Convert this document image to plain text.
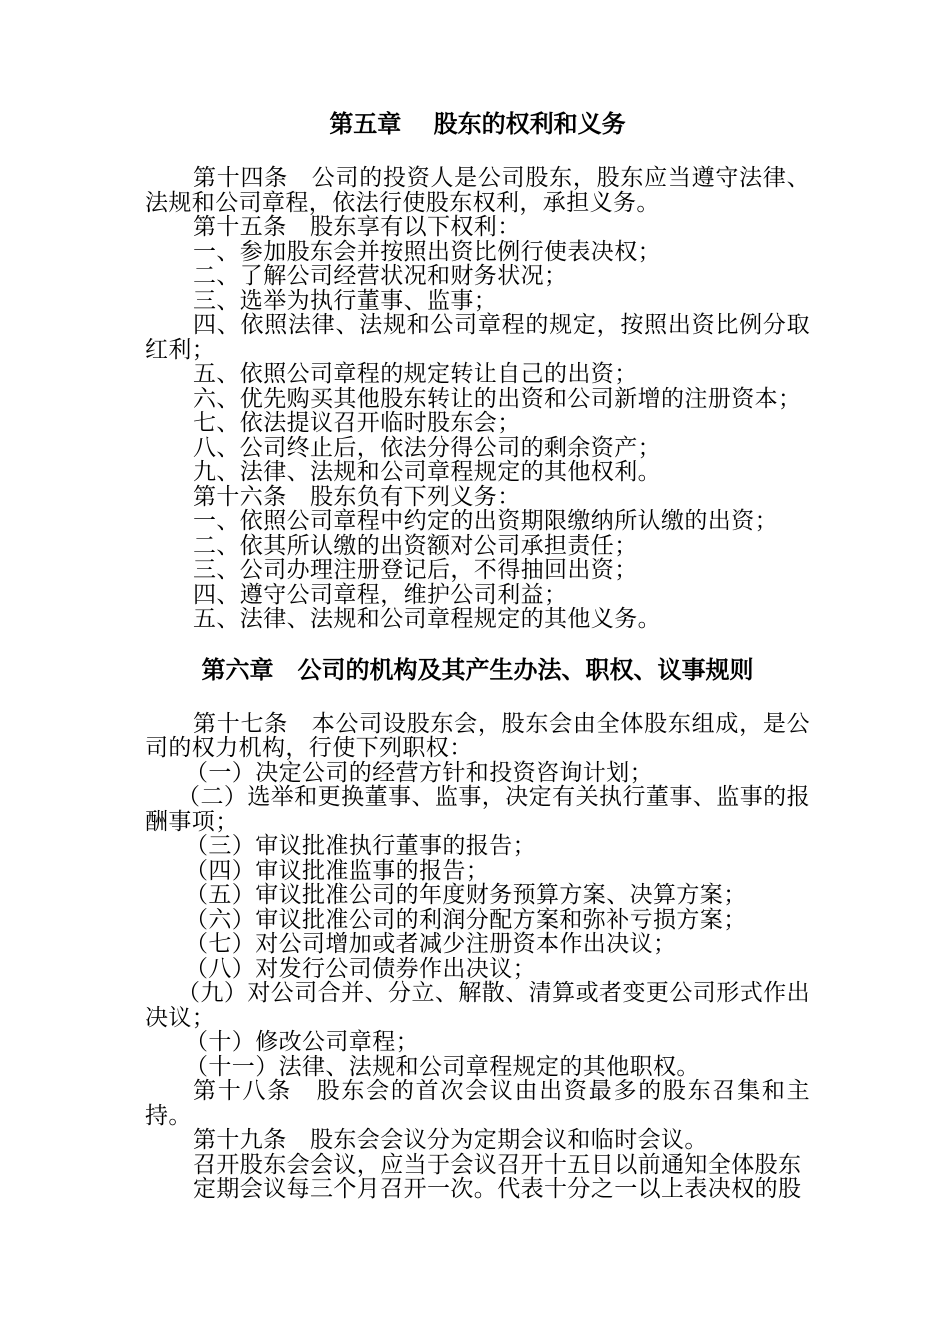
第五章　 股东的权利和义务

第十四条　公司的投资人是公司股东，股东应当遵守法律、法规和公司章程，依法行使股东权利，承担义务。

第十五条　股东享有以下权利：

一、参加股东会并按照出资比例行使表决权；

二、了解公司经营状况和财务状况；

三、选举为执行董事、监事；

四、依照法律、法规和公司章程的规定，按照出资比例分取红利；

五、依照公司章程的规定转让自己的出资；

六、优先购买其他股东转让的出资和公司新增的注册资本；

七、依法提议召开临时股东会；

八、公司终止后，依法分得公司的剩余资产；

九、法律、法规和公司章程规定的其他权利。

第十六条　股东负有下列义务：

一、依照公司章程中约定的出资期限缴纳所认缴的出资；

二、依其所认缴的出资额对公司承担责任；

三、公司办理注册登记后，不得抽回出资；

四、遵守公司章程，维护公司利益；

五、法律、法规和公司章程规定的其他义务。

第六章　公司的机构及其产生办法、职权、议事规则

第十七条　本公司设股东会，股东会由全体股东组成，是公司的权力机构，行使下列职权：

（一）决定公司的经营方针和投资咨询计划；

（二）选举和更换董事、监事，决定有关执行董事、监事的报酬事项；

（三）审议批准执行董事的报告；

（四）审议批准监事的报告；

（五）审议批准公司的年度财务预算方案、决算方案；

（六）审议批准公司的利润分配方案和弥补亏损方案；

（七）对公司增加或者减少注册资本作出决议；

（八）对发行公司债券作出决议；

（九）对公司合并、分立、解散、清算或者变更公司形式作出决议；

（十）修改公司章程；

（十一）法律、法规和公司章程规定的其他职权。

第十八条　股东会的首次会议由出资最多的股东召集和主持。

第十九条　股东会会议分为定期会议和临时会议。

召开股东会会议，应当于会议召开十五日以前通知全体股东

定期会议每三个月召开一次。代表十分之一以上表决权的股
